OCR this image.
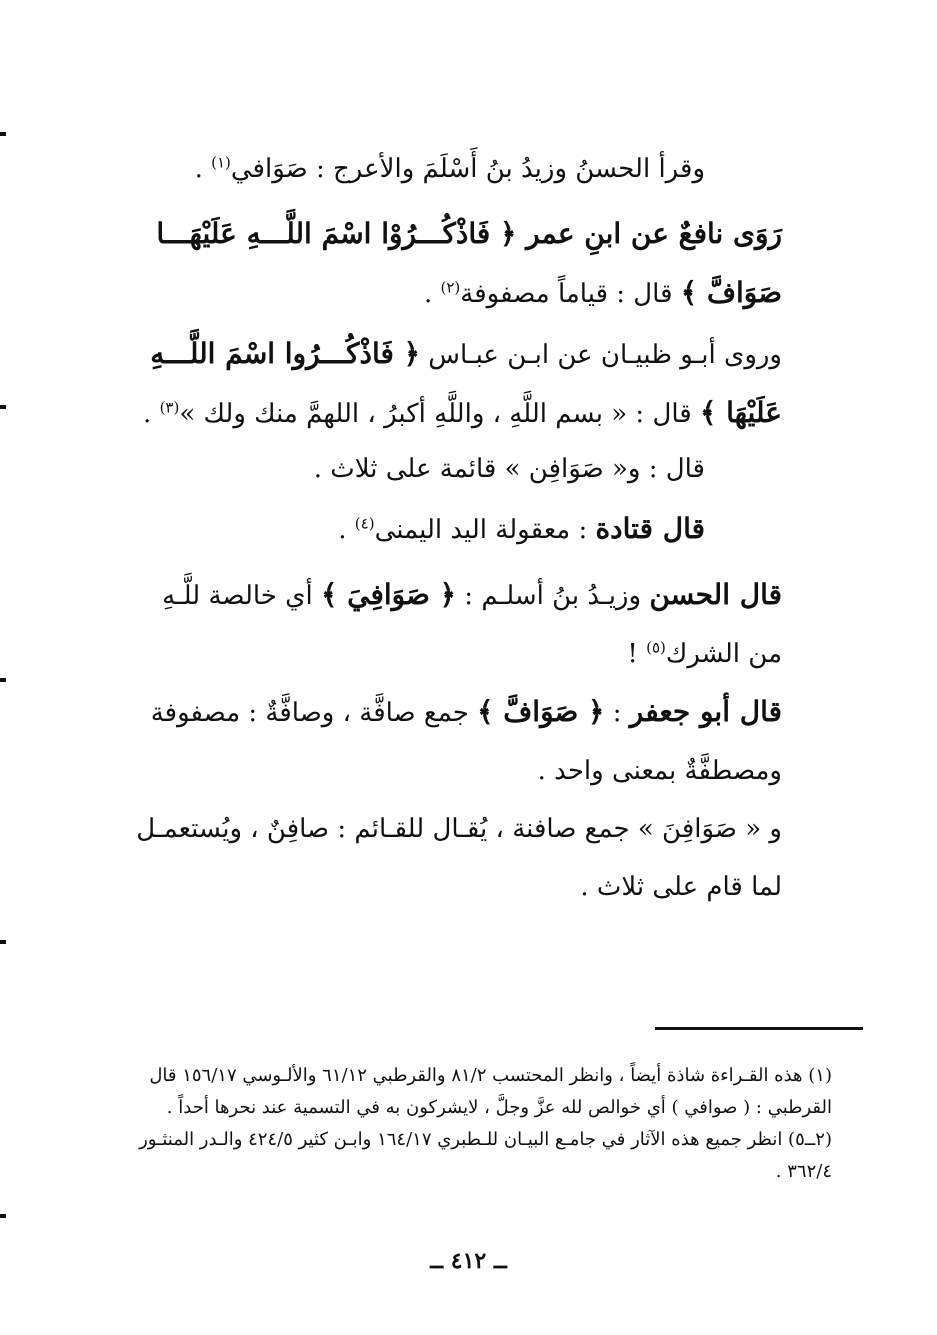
وقرأ الحسنُ وزيدُ بنُ أَسْلَمَ والأعرج : صَوَافي$^{(١)}$ .
رَوَى نافعٌ عن ابنِ عمر ﴿ فَاذْكُـــرُوْا اسْمَ اللَّـــهِ عَلَيْهَـــا
صَوَافَّ ﴾ قال : قياماً مصفوفة$^{(٢)}$ .
وروى أبـو ظبيـان عن ابـن عبـاس ﴿ فَاذْكُـــرُوا اسْمَ اللَّـــهِ
عَلَيْهَا ﴾ قال : « بسم اللَّهِ ، واللَّهِ أكبرُ ، اللهمَّ منك ولك »$^{(٣)}$ .
قال : و« صَوَافِن » قائمة على ثلاث .
قال قتادة : معقولة اليد اليمنى$^{(٤)}$ .
قال الحسن وزيـدُ بنُ أسلـم : ﴿ صَوَافِيَ ﴾ أي خالصة للَّـهِ
من الشرك$^{(٥)}$ !
قال أبو جعفر : ﴿ صَوَافَّ ﴾ جمع صافَّة ، وصافَّةٌ : مصفوفة
ومصطفَّةٌ بمعنى واحد .
و « صَوَافِنَ » جمع صافنة ، يُقـال للقـائم : صافِنٌ ، ويُستعمـل
لما قام على ثلاث .
(١) هذه القـراءة شاذة أيضاً ، وانظر المحتسب ٨١/٢ والقرطبي ٦١/١٢ والألـوسي ١٥٦/١٧ قال
القرطبي : ( صوافي ) أي خوالص لله عزَّ وجلَّ ، لايشركون به في التسمية عند نحرها أحداً .
(٢ــ٥) انظر جميع هذه الآثار في جامـع البيـان للـطبري ١٦٤/١٧ وابـن كثير ٤٢٤/٥ والـدر المنثـور
٣٦٢/٤ .
ــ ٤١٢ ــ
